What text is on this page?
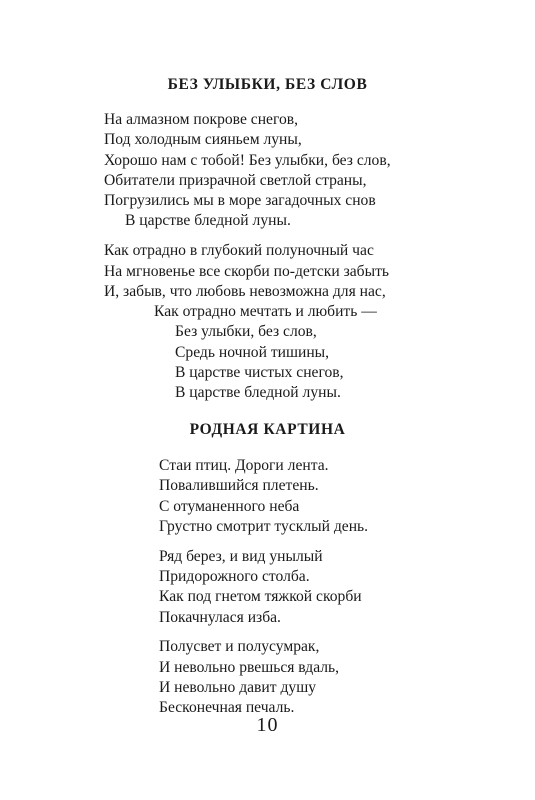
БЕЗ УЛЫБКИ, БЕЗ СЛОВ
На алмазном покрове снегов,
Под холодным сияньем луны,
Хорошо нам с тобой! Без улыбки, без слов,
Обитатели призрачной светлой страны,
Погрузились мы в море загадочных снов
В царстве бледной луны.
Как отрадно в глубокий полуночный час
На мгновенье все скорби по-детски забыть
И, забыв, что любовь невозможна для нас,
Как отрадно мечтать и любить —
Без улыбки, без слов,
Средь ночной тишины,
В царстве чистых снегов,
В царстве бледной луны.
РОДНАЯ КАРТИНА
Стаи птиц. Дороги лента.
Повалившийся плетень.
С отуманенного неба
Грустно смотрит тусклый день.
Ряд берез, и вид унылый
Придорожного столба.
Как под гнетом тяжкой скорби
Покачнулася изба.
Полусвет и полусумрак,
И невольно рвешься вдаль,
И невольно давит душу
Бесконечная печаль.
10
